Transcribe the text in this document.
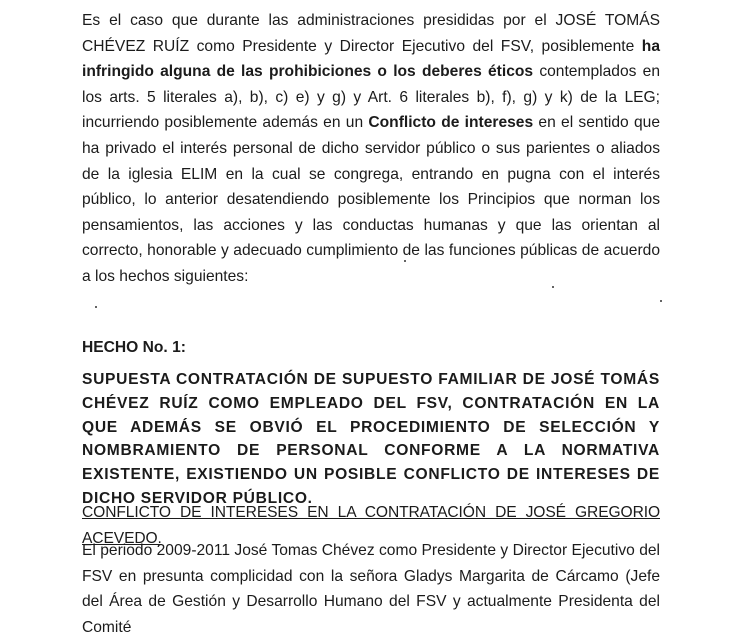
Es el caso que durante las administraciones presididas por el JOSÉ TOMÁS CHÉVEZ RUÍZ como Presidente y Director Ejecutivo del FSV, posiblemente ha infringido alguna de las prohibiciones o los deberes éticos contemplados en los arts. 5 literales a), b), c) e) y g) y Art. 6 literales b), f), g) y k) de la LEG; incurriendo posiblemente además en un Conflicto de intereses en el sentido que ha privado el interés personal de dicho servidor público o sus parientes o aliados de la iglesia ELIM en la cual se congrega, entrando en pugna con el interés público, lo anterior desatendiendo posiblemente los Principios que norman los pensamientos, las acciones y las conductas humanas y que las orientan al correcto, honorable y adecuado cumplimiento de las funciones públicas de acuerdo a los hechos siguientes:

HECHO No. 1:

SUPUESTA CONTRATACIÓN DE SUPUESTO FAMILIAR DE JOSÉ TOMÁS CHÉVEZ RUÍZ COMO EMPLEADO DEL FSV, CONTRATACIÓN EN LA QUE ADEMÁS SE OBVIÓ EL PROCEDIMIENTO DE SELECCIÓN Y NOMBRAMIENTO DE PERSONAL CONFORME A LA NORMATIVA EXISTENTE, EXISTIENDO UN POSIBLE CONFLICTO DE INTERESES DE DICHO SERVIDOR PÚBLICO.

CONFLICTO DE INTERESES EN LA CONTRATACIÓN DE JOSÉ GREGORIO ACEVEDO.

El periodo 2009-2011 José Tomas Chévez como Presidente y Director Ejecutivo del FSV en presunta complicidad con la señora Gladys Margarita de Cárcamo (Jefe del Área de Gestión y Desarrollo Humano del FSV y actualmente Presidenta del Comité
